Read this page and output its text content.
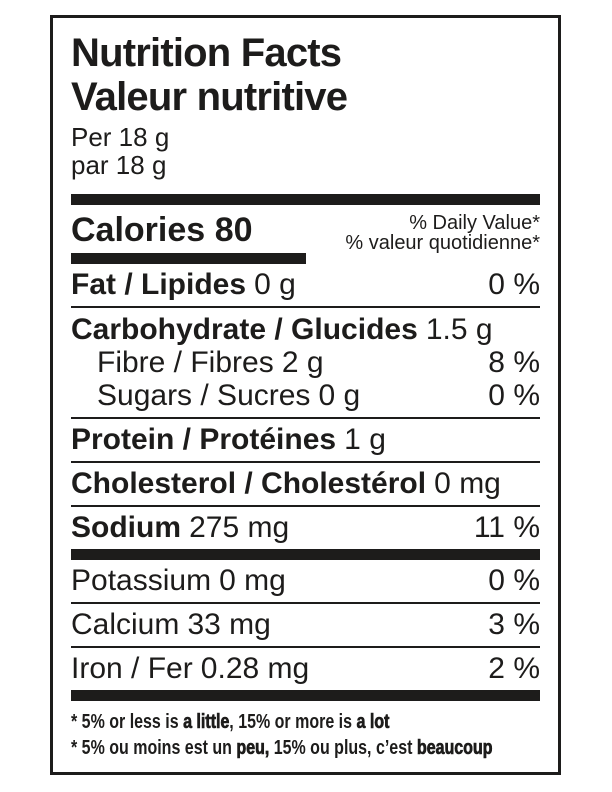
Nutrition Facts
Valeur nutritive
Per 18 g
par 18 g
Calories 80	% Daily Value*
% valeur quotidienne*
Fat / Lipides 0 g	0 %
Carbohydrate / Glucides 1.5 g
Fibre / Fibres 2 g	8 %
Sugars / Sucres 0 g	0 %
Protein / Protéines 1 g
Cholesterol / Cholestérol 0 mg
Sodium 275 mg	11 %
Potassium 0 mg	0 %
Calcium 33 mg	3 %
Iron / Fer 0.28 mg	2 %
* 5% or less is a little, 15% or more is a lot
* 5% ou moins est un peu, 15% ou plus, c’est beaucoup
